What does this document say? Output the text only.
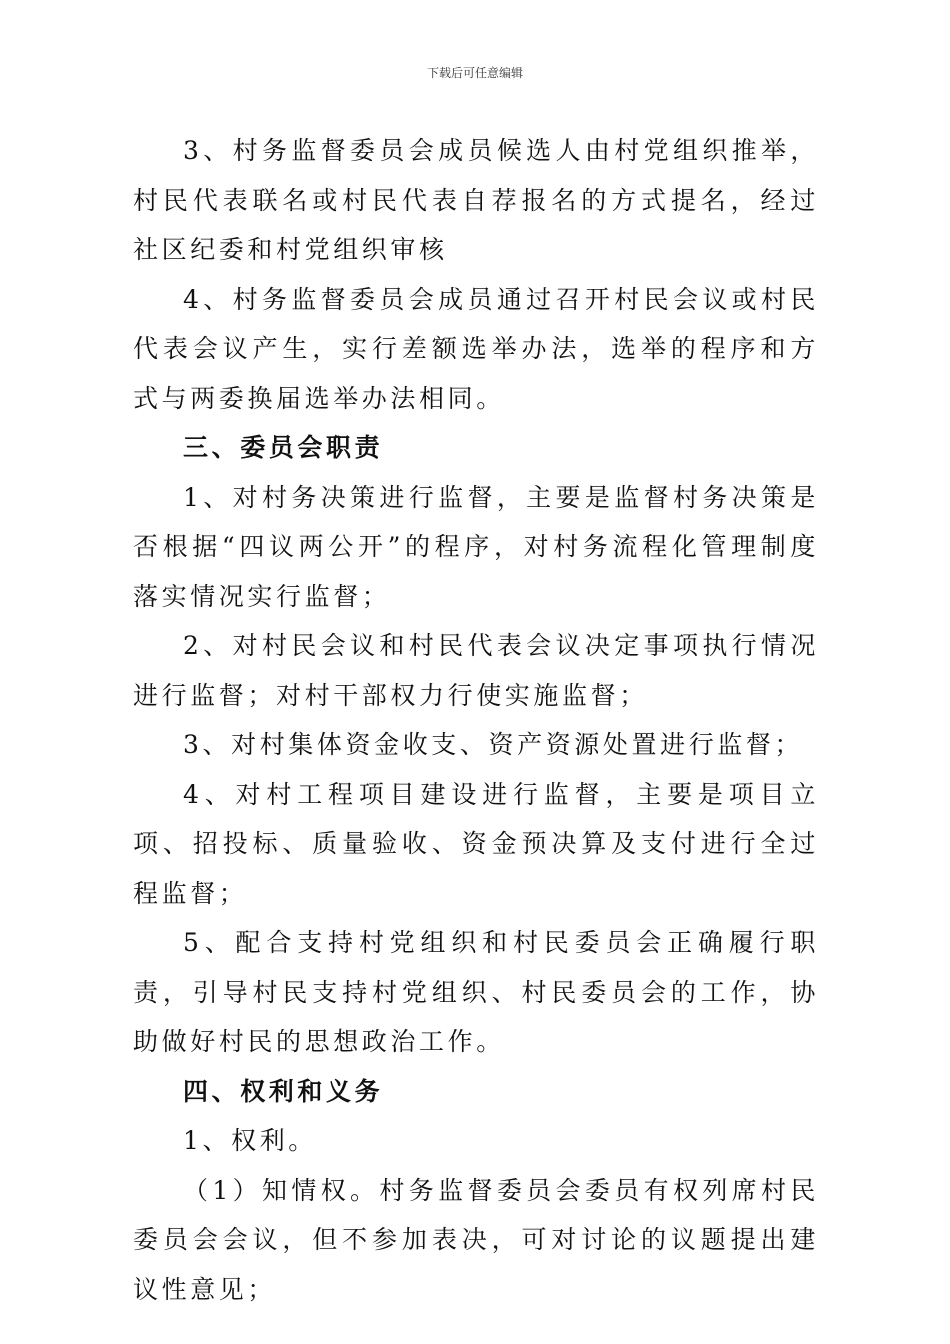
下载后可任意编辑

3、村务监督委员会成员候选人由村党组织推举，村民代表联名或村民代表自荐报名的方式提名，经过社区纪委和村党组织审核

4、村务监督委员会成员通过召开村民会议或村民代表会议产生，实行差额选举办法，选举的程序和方式与两委换届选举办法相同。

三、委员会职责

1、对村务决策进行监督，主要是监督村务决策是否根据“四议两公开”的程序，对村务流程化管理制度落实情况实行监督；

2、对村民会议和村民代表会议决定事项执行情况进行监督；对村干部权力行使实施监督；

3、对村集体资金收支、资产资源处置进行监督；

4、对村工程项目建设进行监督，主要是项目立项、招投标、质量验收、资金预决算及支付进行全过程监督；

5、配合支持村党组织和村民委员会正确履行职责，引导村民支持村党组织、村民委员会的工作，协助做好村民的思想政治工作。

四、权利和义务

1、权利。

（1）知情权。村务监督委员会委员有权列席村民委员会会议，但不参加表决，可对讨论的议题提出建议性意见；
